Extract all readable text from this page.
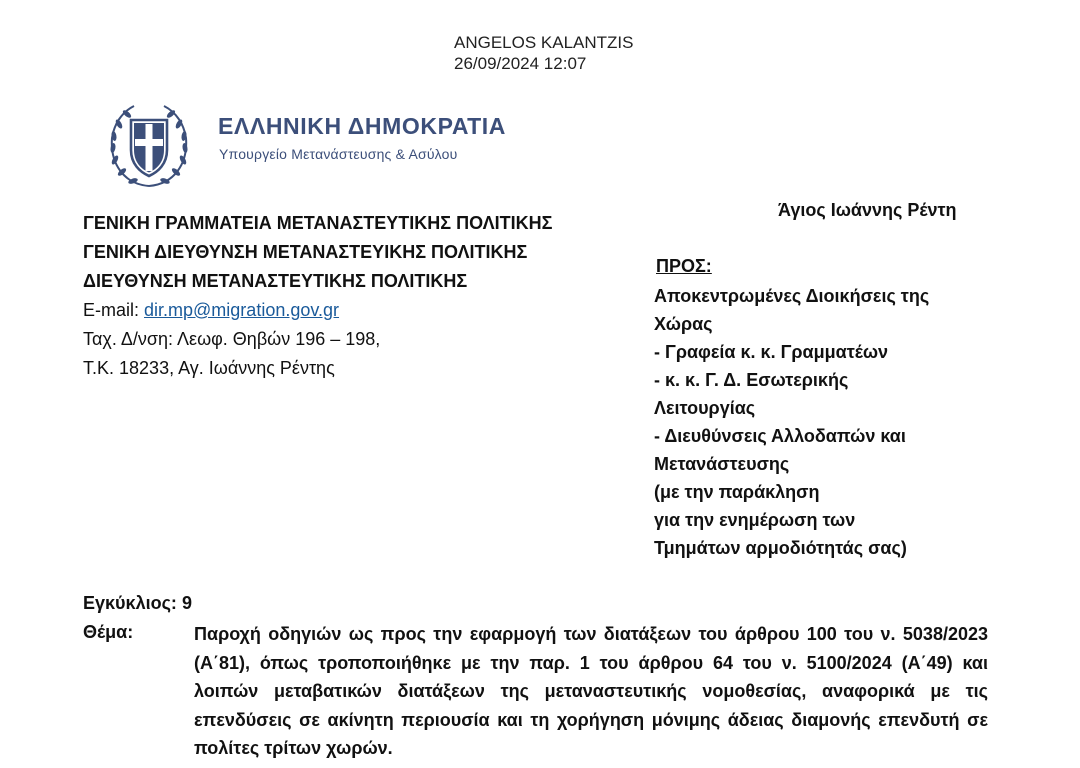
ANGELOS KALANTZIS
26/09/2024 12:07
ΕΛΛΗΝΙΚΗ ΔΗΜΟΚΡΑΤΙΑ
Υπουργείο Μετανάστευσης & Ασύλου
ΓΕΝΙΚΗ ΓΡΑΜΜΑΤΕΙΑ ΜΕΤΑΝΑΣΤΕΥΤΙΚΗΣ ΠΟΛΙΤΙΚΗΣ
ΓΕΝΙΚΗ ΔΙΕΥΘΥΝΣΗ ΜΕΤΑΝΑΣΤΕΥΙΚΗΣ ΠΟΛΙΤΙΚΗΣ
ΔΙΕΥΘΥΝΣΗ ΜΕΤΑΝΑΣΤΕΥΤΙΚΗΣ ΠΟΛΙΤΙΚΗΣ
E-mail: dir.mp@migration.gov.gr
Ταχ. Δ/νση: Λεωφ. Θηβών 196 – 198,
Τ.Κ. 18233, Αγ. Ιωάννης Ρέντης
Άγιος Ιωάννης Ρέντη
ΠΡΟΣ:
Αποκεντρωμένες Διοικήσεις της
Χώρας
- Γραφεία κ. κ. Γραμματέων
- κ. κ. Γ. Δ. Εσωτερικής
Λειτουργίας
- Διευθύνσεις Αλλοδαπών και
Μετανάστευσης
(με την παράκληση
για την ενημέρωση των
Τμημάτων αρμοδιότητάς σας)
Εγκύκλιος: 9
Θέμα:	Παροχή οδηγιών ως προς την εφαρμογή των διατάξεων του άρθρου 100 του ν. 5038/2023 (Α΄81), όπως τροποποιήθηκε με την παρ. 1 του άρθρου 64 του ν. 5100/2024 (Α΄49) και λοιπών μεταβατικών διατάξεων της μεταναστευτικής νομοθεσίας, αναφορικά με τις επενδύσεις σε ακίνητη περιουσία και τη χορήγηση μόνιμης άδειας διαμονής επενδυτή σε πολίτες τρίτων χωρών.
